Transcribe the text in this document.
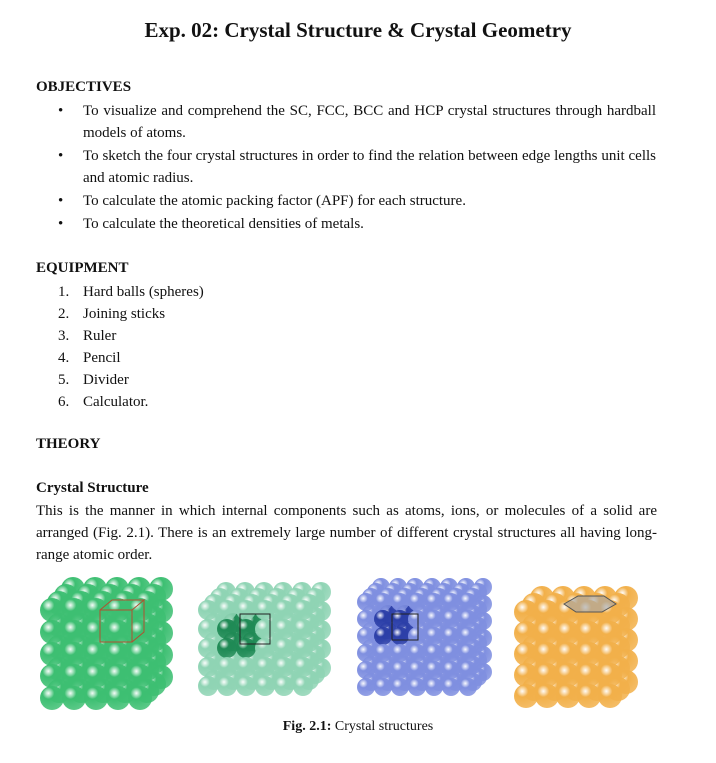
Exp. 02: Crystal Structure & Crystal Geometry
OBJECTIVES
• To visualize and comprehend the SC, FCC, BCC and HCP crystal structures through hardball models of atoms.
• To sketch the four crystal structures in order to find the relation between edge lengths unit cells and atomic radius.
• To calculate the atomic packing factor (APF) for each structure.
• To calculate the theoretical densities of metals.
EQUIPMENT
1. Hard balls (spheres)
2. Joining sticks
3. Ruler
4. Pencil
5. Divider
6. Calculator.
THEORY
Crystal Structure

This is the manner in which internal components such as atoms, ions, or molecules of a solid are arranged (Fig. 2.1). There is an extremely large number of different crystal structures all having long-range atomic order.

Fig. 2.1: Crystal structures
